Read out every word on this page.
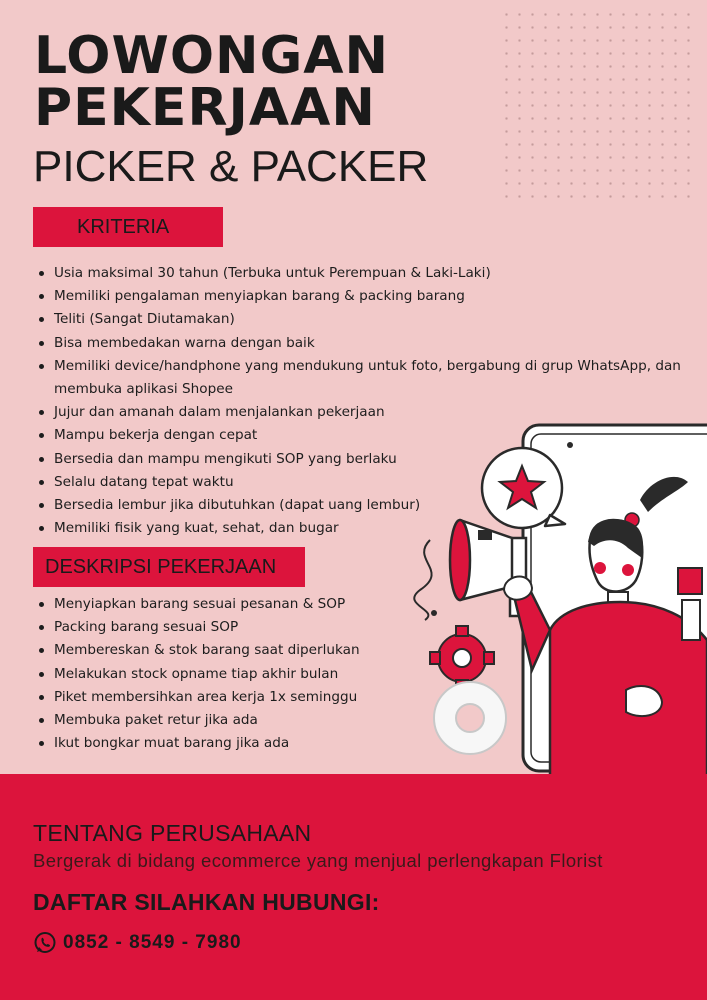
LOWONGAN
PEKERJAAN
PICKER & PACKER
KRITERIA
Usia maksimal 30 tahun (Terbuka untuk Perempuan & Laki-Laki)
Memiliki pengalaman menyiapkan barang & packing barang
Teliti (Sangat Diutamakan)
Bisa membedakan warna dengan baik
Memiliki device/handphone yang mendukung untuk foto, bergabung di grup WhatsApp, dan membuka aplikasi Shopee
Jujur dan amanah dalam menjalankan pekerjaan
Mampu bekerja dengan cepat
Bersedia dan mampu mengikuti SOP yang berlaku
Selalu datang tepat waktu
Bersedia lembur jika dibutuhkan (dapat uang lembur)
Memiliki fisik yang kuat, sehat, dan bugar
DESKRIPSI PEKERJAAN
Menyiapkan barang sesuai pesanan & SOP
Packing barang sesuai SOP
Membereskan & stok barang saat diperlukan
Melakukan stock opname tiap akhir bulan
Piket membersihkan area kerja 1x seminggu
Membuka paket retur jika ada
Ikut bongkar muat barang jika ada
TENTANG PERUSAHAAN
Bergerak di bidang ecommerce yang menjual perlengkapan Florist
DAFTAR SILAHKAN HUBUNGI:
0852 - 8549 - 7980
